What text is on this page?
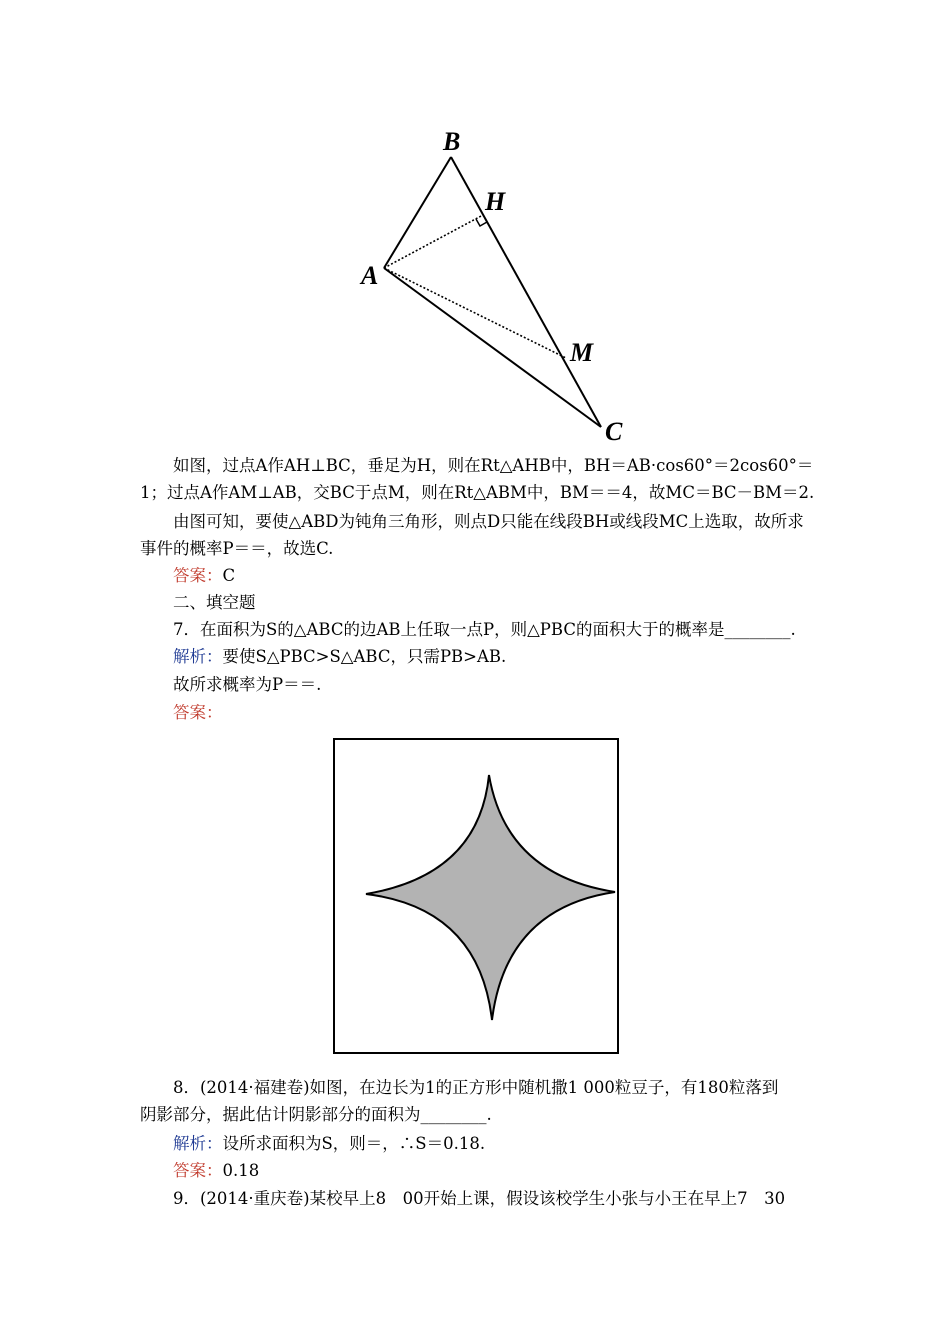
B
H
A
M
C
如图，过点A作AH⊥BC，垂足为H，则在Rt△AHB中，BH＝AB·cos60°＝2cos60°＝
1；过点A作AM⊥AB，交BC于点M，则在Rt△ABM中，BM＝＝4，故MC＝BC－BM＝2.
由图可知，要使△ABD为钝角三角形，则点D只能在线段BH或线段MC上选取，故所求
事件的概率P＝＝，故选C.
答案：C
二、填空题
7．在面积为S的△ABC的边AB上任取一点P，则△PBC的面积大于的概率是________.
解析：要使S△PBC>S△ABC，只需PB>AB.
故所求概率为P＝＝.
答案：
8．(2014·福建卷)如图，在边长为1的正方形中随机撒1 000粒豆子，有180粒落到
阴影部分，据此估计阴影部分的面积为________.
解析：设所求面积为S，则＝，∴S＝0.18.
答案：0.18
9．(2014·重庆卷)某校早上8　00开始上课，假设该校学生小张与小王在早上7　30
